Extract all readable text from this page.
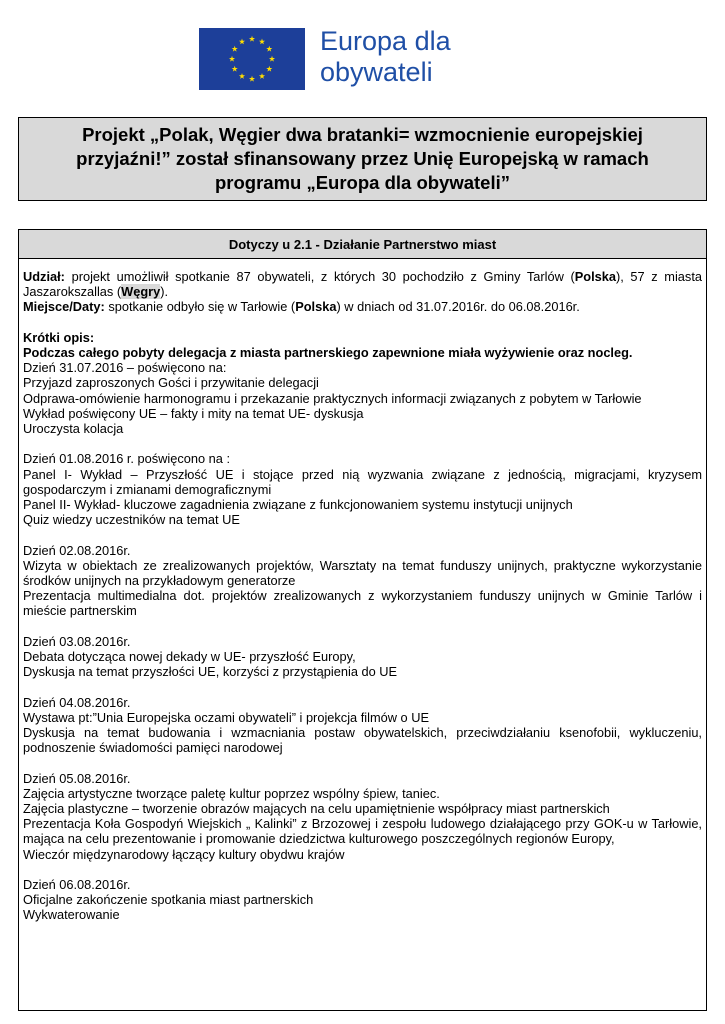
Europa dla
obywateli
Projekt „Polak, Węgier dwa bratanki= wzmocnienie europejskiej przyjaźni!” został sfinansowany przez Unię Europejską w ramach programu „Europa dla obywateli”
Dotyczy u 2.1 - Działanie Partnerstwo miast

Udział: projekt umożliwił spotkanie 87 obywateli, z których 30 pochodziło z Gminy Tarlów (Polska), 57 z miasta Jaszarokszallas (Węgry).

Miejsce/Daty: spotkanie odbyło się w Tarłowie (Polska) w dniach od 31.07.2016r. do 06.08.2016r.

Krótki opis:

Podczas całego pobyty delegacja z miasta partnerskiego zapewnione miała wyżywienie oraz nocleg.

Dzień 31.07.2016 – poświęcono na:

Przyjazd zaproszonych Gości i przywitanie delegacji

Odprawa-omówienie harmonogramu i przekazanie praktycznych informacji związanych z pobytem w Tarłowie

Wykład poświęcony UE – fakty i mity na temat UE- dyskusja

Uroczysta kolacja

Dzień 01.08.2016 r. poświęcono na :

Panel I- Wykład – Przyszłość UE i stojące przed nią wyzwania związane z jednością, migracjami, kryzysem gospodarczym i zmianami demograficznymi

Panel II- Wykład- kluczowe zagadnienia związane z funkcjonowaniem systemu instytucji unijnych

Quiz wiedzy uczestników na temat UE

Dzień 02.08.2016r.

Wizyta w obiektach ze zrealizowanych projektów, Warsztaty na temat funduszy unijnych, praktyczne wykorzystanie środków unijnych na przykładowym generatorze

Prezentacja multimedialna dot. projektów zrealizowanych z wykorzystaniem funduszy unijnych w Gminie Tarlów i mieście partnerskim

Dzień 03.08.2016r.

Debata dotycząca nowej dekady w UE- przyszłość Europy,

Dyskusja na temat przyszłości UE, korzyści z przystąpienia do UE

Dzień 04.08.2016r.

Wystawa pt:”Unia Europejska oczami obywateli” i projekcja filmów o UE

Dyskusja na temat budowania i wzmacniania postaw obywatelskich, przeciwdziałaniu ksenofobii, wykluczeniu, podnoszenie świadomości pamięci narodowej

Dzień 05.08.2016r.

Zajęcia artystyczne tworzące paletę kultur poprzez wspólny śpiew, taniec.

Zajęcia plastyczne – tworzenie obrazów mających na celu upamiętnienie współpracy miast partnerskich

Prezentacja Koła Gospodyń Wiejskich „ Kalinki” z Brzozowej i zespołu ludowego działającego przy GOK-u w Tarłowie, mająca na celu prezentowanie i promowanie dziedzictwa kulturowego poszczególnych regionów Europy,

Wieczór międzynarodowy łączący kultury obydwu krajów

Dzień 06.08.2016r.

Oficjalne zakończenie spotkania miast partnerskich

Wykwaterowanie
